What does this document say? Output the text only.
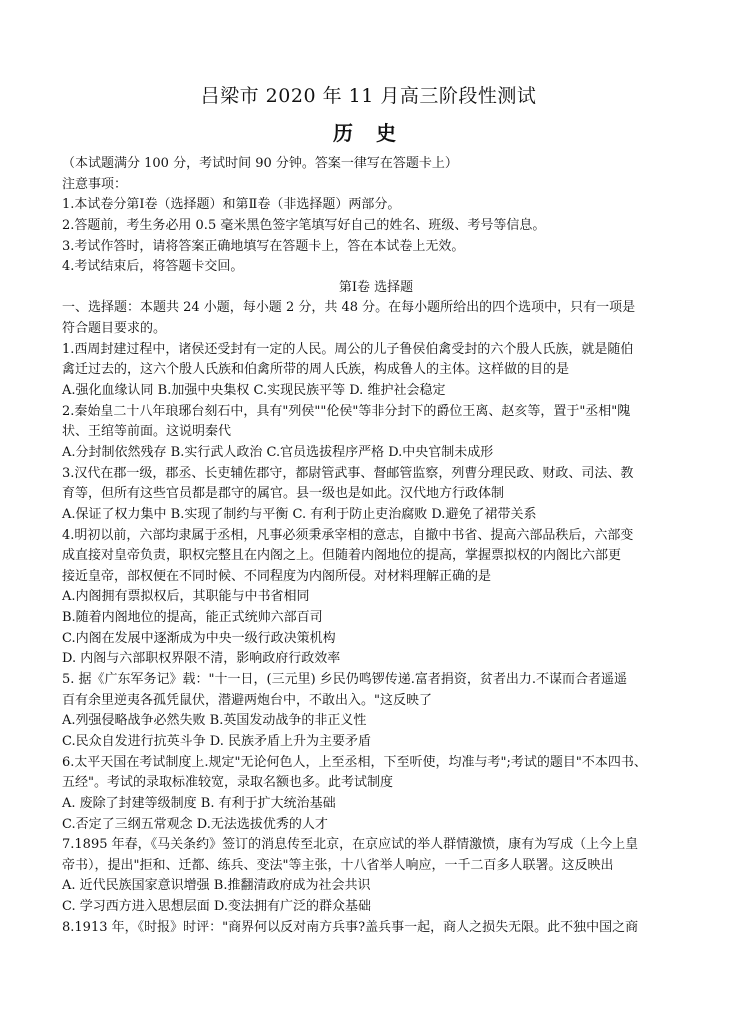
吕梁市 2020 年 11 月高三阶段性测试
历 史
（本试题满分 100 分，考试时间 90 分钟。答案一律写在答题卡上）
注意事项：
1.本试卷分第Ⅰ卷（选择题）和第Ⅱ卷（非选择题）两部分。
2.答题前，考生务必用 0.5 毫米黑色签字笔填写好自己的姓名、班级、考号等信息。
3.考试作答时，请将答案正确地填写在答题卡上，答在本试卷上无效。
4.考试结束后，将答题卡交回。
第Ⅰ卷 选择题
一、选择题：本题共 24 小题，每小题 2 分，共 48 分。在每小题所给出的四个选项中，只有一项是
符合题目要求的。
1.西周封建过程中，诸侯还受封有一定的人民。周公的儿子鲁侯伯禽受封的六个殷人氏族，就是随伯
禽迁过去的，这六个殷人氏族和伯禽所带的周人氏族，构成鲁人的主体。这样做的目的是
A.强化血缘认同 B.加强中央集权 C.实现民族平等 D. 维护社会稳定
2.秦始皇二十八年琅琊台刻石中，具有"列侯""伦侯"等非分封下的爵位王离、赵亥等，置于"丞相"隗
状、王绾等前面。这说明秦代
A.分封制依然残存 B.实行武人政治 C.官员选拔程序严格 D.中央官制未成形
3.汉代在郡一级，郡丞、长吏辅佐郡守，都尉管武事、督邮管监察，列曹分理民政、财政、司法、教
育等，但所有这些官员都是郡守的属官。县一级也是如此。汉代地方行政体制
A.保证了权力集中 B.实现了制约与平衡 C. 有利于防止吏治腐败 D.避免了裙带关系
4.明初以前，六部均隶属于丞相，凡事必须秉承宰相的意志，自撤中书省、提高六部品秩后，六部变
成直接对皇帝负责，职权完整且在内阁之上。但随着内阁地位的提高，掌握票拟权的内阁比六部更
接近皇帝，部权便在不同时候、不同程度为内阁所侵。对材料理解正确的是
A.内阁拥有票拟权后，其职能与中书省相同
B.随着内阁地位的提高，能正式统帅六部百司
C.内阁在发展中逐渐成为中央一级行政决策机构
D. 内阁与六部职权界限不清，影响政府行政效率
5. 据《广东军务记》载："十一日，(三元里) 乡民仍鸣锣传递.富者捐资，贫者出力.不谋而合者遥遥
百有余里逆夷各孤凭鼠伏，潜避两炮台中，不敢出入。"这反映了
A.列强侵略战争必然失败 B.英国发动战争的非正义性
C.民众自发进行抗英斗争 D. 民族矛盾上升为主要矛盾
6.太平天国在考试制度上.规定"无论何色人，上至丞相，下至听使，均准与考";考试的题目"不本四书、
五经"。考试的录取标准较宽，录取名额也多。此考试制度
A. 废除了封建等级制度 B. 有利于扩大统治基础
C.否定了三纲五常观念 D.无法选拔优秀的人才
7.1895 年春，《马关条约》签订的消息传至北京，在京应试的举人群情激愤，康有为写成（上今上皇
帝书），提出"拒和、迁都、练兵、变法"等主张，十八省举人响应，一千二百多人联署。这反映出
A. 近代民族国家意识增强 B.推翻清政府成为社会共识
C. 学习西方进入思想层面 D.变法拥有广泛的群众基础
8.1913 年，《时报》时评："商界何以反对南方兵事?盖兵事一起，商人之损失无限。此不独中国之商
